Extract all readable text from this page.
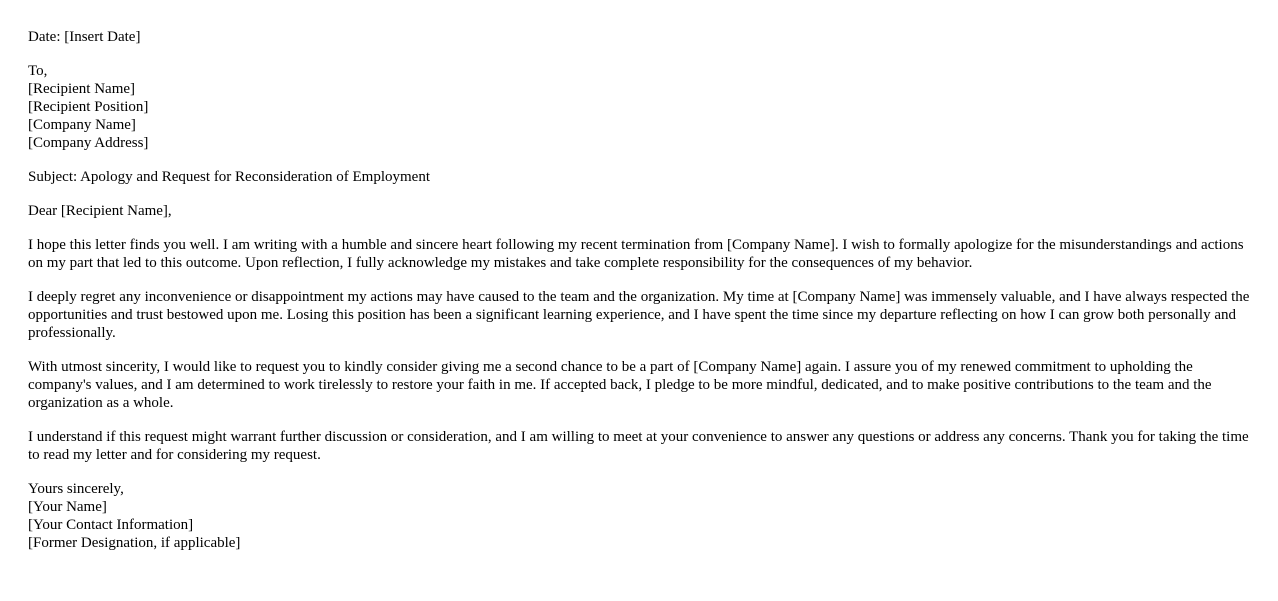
Date: [Insert Date]
To,
[Recipient Name]
[Recipient Position]
[Company Name]
[Company Address]
Subject: Apology and Request for Reconsideration of Employment
Dear [Recipient Name],

I hope this letter finds you well. I am writing with a humble and sincere heart following my recent termination from [Company Name]. I wish to formally apologize for the misunderstandings and actions on my part that led to this outcome. Upon reflection, I fully acknowledge my mistakes and take complete responsibility for the consequences of my behavior.

I deeply regret any inconvenience or disappointment my actions may have caused to the team and the organization. My time at [Company Name] was immensely valuable, and I have always respected the opportunities and trust bestowed upon me. Losing this position has been a significant learning experience, and I have spent the time since my departure reflecting on how I can grow both personally and professionally.

With utmost sincerity, I would like to request you to kindly consider giving me a second chance to be a part of [Company Name] again. I assure you of my renewed commitment to upholding the company's values, and I am determined to work tirelessly to restore your faith in me. If accepted back, I pledge to be more mindful, dedicated, and to make positive contributions to the team and the organization as a whole.

I understand if this request might warrant further discussion or consideration, and I am willing to meet at your convenience to answer any questions or address any concerns. Thank you for taking the time to read my letter and for considering my request.

Yours sincerely,
[Your Name]
[Your Contact Information]
[Former Designation, if applicable]
